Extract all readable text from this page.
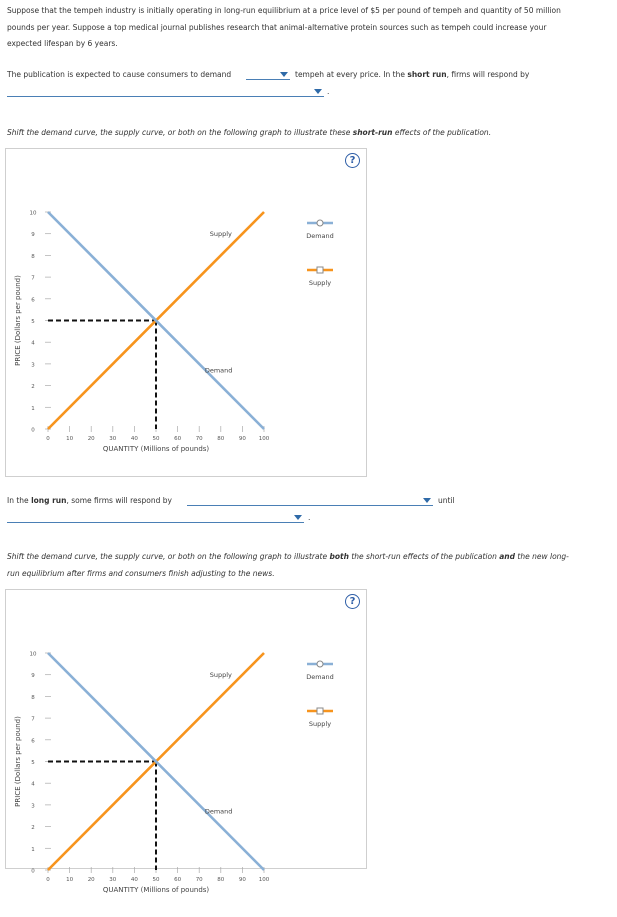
Suppose that the tempeh industry is initially operating in long-run equilibrium at a price level of $5 per pound of tempeh and quantity of 50 million
pounds per year. Suppose a top medical journal publishes research that animal-alternative protein sources such as tempeh could increase your
expected lifespan by 6 years.
The publication is expected to cause consumers to demand	tempeh at every price. In the short run, firms will respond by
.
Shift the demand curve, the supply curve, or both on the following graph to illustrate these short-run effects of the publication.
?
PRICE (Dollars per pound)
0
1
2
3
4
5
6
7
8
9
10
0	10	20	30	40	50	60	70	80	90 100
QUANTITY (Millions of pounds)
Supply
Demand
Demand
Supply
In the long run, some firms will respond by	until
.
Shift the demand curve, the supply curve, or both on the following graph to illustrate both the short-run effects of the publication and the new long-
run equilibrium after firms and consumers finish adjusting to the news.
?
PRICE (Dollars per pound)
0
1
2
3
4
5
6
7
8
9
10
0	10	20	30	40	50	60	70	80	90 100
QUANTITY (Millions of pounds)
Supply
Demand
Demand
Supply
